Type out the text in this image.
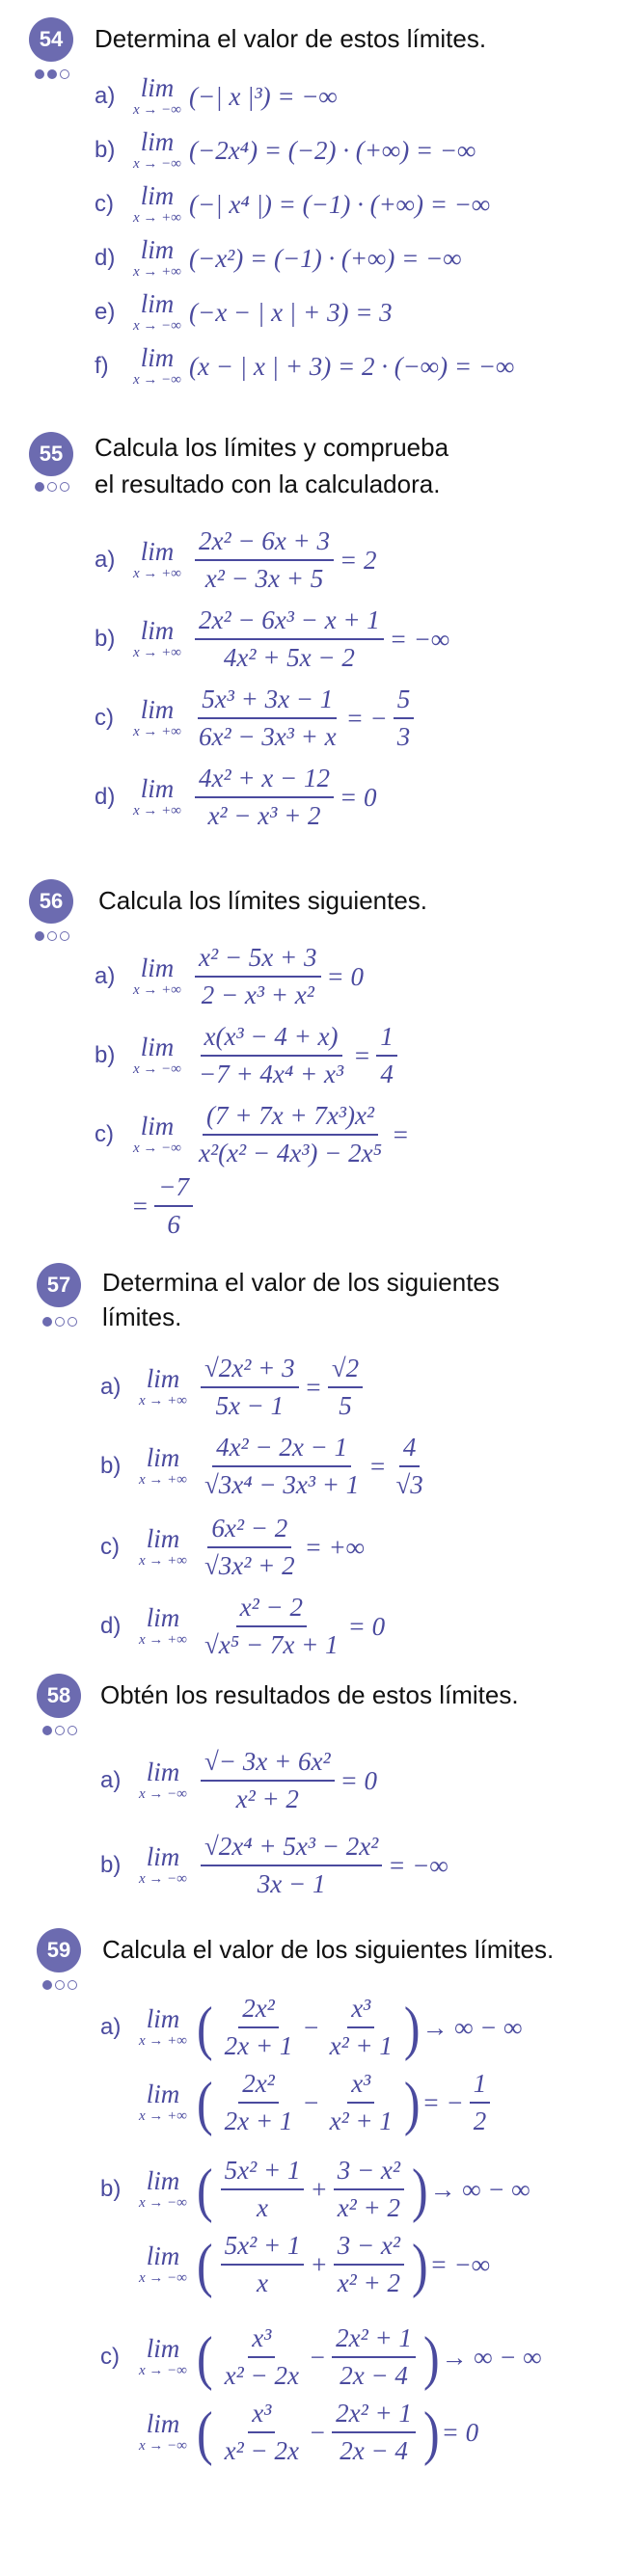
54	Determina el valor de estos límites.
a) lim
x → −∞ (−| x |³) = −∞
b) lim
x → −∞ (−2x⁴) = (−2) · (+∞) = −∞
c)	lim
x → +∞ (−| x⁴ |) = (−1) · (+∞) = −∞
d) lim
x → +∞ (−x²) = (−1) · (+∞) = −∞
e) lim
x → −∞ (−x − | x | + 3) = 3
f)	lim
x → −∞ (x − | x | + 3) = 2 · (−∞) = −∞
55	Calcula los límites y comprueba
el resultado con la calculadora.
a) lim
x → +∞ $\frac{\text{2x² − 6x + 3}}{\text{x² − 3x + 5}} = 2$
b) lim
x → +∞ $\frac{\text{2x² − 6x³ − x + 1}}{\text{4x² + 5x − 2}}$ = −∞
c)	lim
x → +∞ $\frac{\text{5x³ + 3x − 1}}{\text{6x² − 3x³ + x}}$ = − $\frac{5}{3}$
d) lim
x → +∞ $\frac{\text{4x² + x − 12}}{\text{x² − x³ + 2}} = 0$
56	Calcula los límites siguientes.
a) lim
x → +∞ $\frac{\text{x² − 5x + 3}}{\text{2 − x³ + x²}} = 0$
b) lim
x → −∞ $\frac{\text{x(x³ − 4 + x)}}{\text{−7 + 4x⁴ + x³}} = \frac{1}{4}$
c)	lim
x → −∞ $\frac{\text{(7 + 7x + 7x³)x²}}{\text{x²(x² − 4x³) − 2x⁵}}$ =
= $\frac{-7}{6}$
57	Determina el valor de los siguientes
límites.
a) lim
x → +∞ $\frac{\text{√2x² + 3}}{5x - 1} = \frac{√2}{5}$
b) lim
x → +∞ $\frac{\text{4x² − 2x − 1}}{\text{√3x⁴ − 3x³ + 1}} = \frac{4}{√3}$
c)	lim
x → +∞ $\frac{\text{6x² − 2}}{\text{√3x² + 2}}$ = +∞
d) lim
x → +∞ $\frac{\text{x² − 2}}{\text{√x⁵ − 7x + 1}} = 0$
58	Obtén los resultados de estos límites.
a) lim
x → −∞ $\frac{\text{√− 3x + 6x²}}{\text{x² + 2}} = 0$
b) lim
x → −∞ $\frac{\text{√2x⁴ + 5x³ − 2x²}}{3x - 1}$ = −∞
59	Calcula el valor de los siguientes límites.
a) lim
x → +∞ ( $\frac{\text{2x²}}{2x + 1} - \frac{\text{x³}}{\text{x² + 1}}$ ) → ∞ − ∞
lim
x → +∞ ( $\frac{\text{2x²}}{2x + 1} - \frac{\text{x³}}{\text{x² + 1}}$ ) = − $\frac{1}{2}$
b) lim
x → −∞ ( $\frac{\text{5x² + 1}}{x} + \frac{\text{3 − x²}}{\text{x² + 2}}$ ) → ∞ − ∞
lim
x → −∞ ( $\frac{\text{5x² + 1}}{x} + \frac{\text{3 − x²}}{\text{x² + 2}}$ ) = −∞
c)	lim
x → −∞ ( $\frac{\text{x³}}{\text{x² − 2x}} - \frac{\text{2x² + 1}}{2x - 4}$ ) → ∞ − ∞
lim
x → −∞ ( $\frac{\text{x³}}{\text{x² − 2x}} - \frac{\text{2x² + 1}}{2x - 4}$ ) = 0
